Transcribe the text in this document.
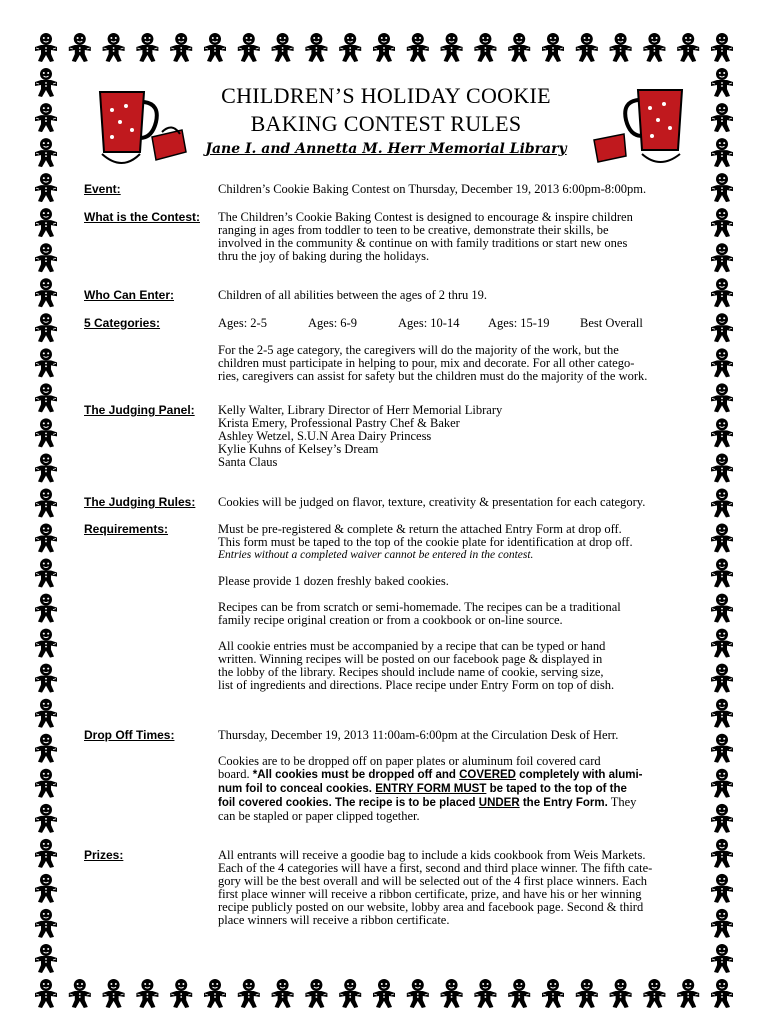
CHILDREN’S HOLIDAY COOKIE
BAKING CONTEST RULES
Jane I. and Annetta M. Herr Memorial Library
Event:	Children’s Cookie Baking Contest on Thursday, December 19, 2013 6:00pm-8:00pm.
What is the Contest:	The Children’s Cookie Baking Contest is designed to encourage & inspire children

ranging in ages from toddler to teen to be creative, demonstrate their skills, be

involved in the community & continue on with family traditions or start new ones

thru the joy of baking during the holidays.

Who Can Enter:	Children of all abilities between the ages of 2 thru 19.
5 Categories:	Ages: 2-5	Ages: 6-9	Ages: 10-14 Ages: 15-19 Best Overall

For the 2-5 age category, the caregivers will do the majority of the work, but the

children must participate in helping to pour, mix and decorate. For all other catego-

ries, caregivers can assist for safety but the children must do the majority of the work.

The Judging Panel:	Kelly Walter, Library Director of Herr Memorial Library

Krista Emery, Professional Pastry Chef & Baker

Ashley Wetzel, S.U.N Area Dairy Princess

Kylie Kuhns of Kelsey’s Dream

Santa Claus

The Judging Rules:	Cookies will be judged on flavor, texture, creativity & presentation for each category.
Requirements:	Must be pre-registered & complete & return the attached Entry Form at drop off.

This form must be taped to the top of the cookie plate for identification at drop off.

Entries without a completed waiver cannot be entered in the contest.

Please provide 1 dozen freshly baked cookies.

Recipes can be from scratch or semi-homemade. The recipes can be a traditional

family recipe original creation or from a cookbook or on-line source.

All cookie entries must be accompanied by a recipe that can be typed or hand

written. Winning recipes will be posted on our facebook page & displayed in

the lobby of the library. Recipes should include name of cookie, serving size,

list of ingredients and directions. Place recipe under Entry Form on top of dish.

Drop Off Times:	Thursday, December 19, 2013 11:00am-6:00pm at the Circulation Desk of Herr.

Cookies are to be dropped off on paper plates or aluminum foil covered card

board. *All cookies must be dropped off and COVERED completely with alumi-

num foil to conceal cookies. ENTRY FORM MUST be taped to the top of the

foil covered cookies. The recipe is to be placed UNDER the Entry Form. They

can be stapled or paper clipped together.

Prizes:	All entrants will receive a goodie bag to include a kids cookbook from Weis Markets.

Each of the 4 categories will have a first, second and third place winner. The fifth cate-

gory will be the best overall and will be selected out of the 4 first place winners. Each

first place winner will receive a ribbon certificate, prize, and have his or her winning

recipe publicly posted on our website, lobby area and facebook page. Second & third

place winners will receive a ribbon certificate.
